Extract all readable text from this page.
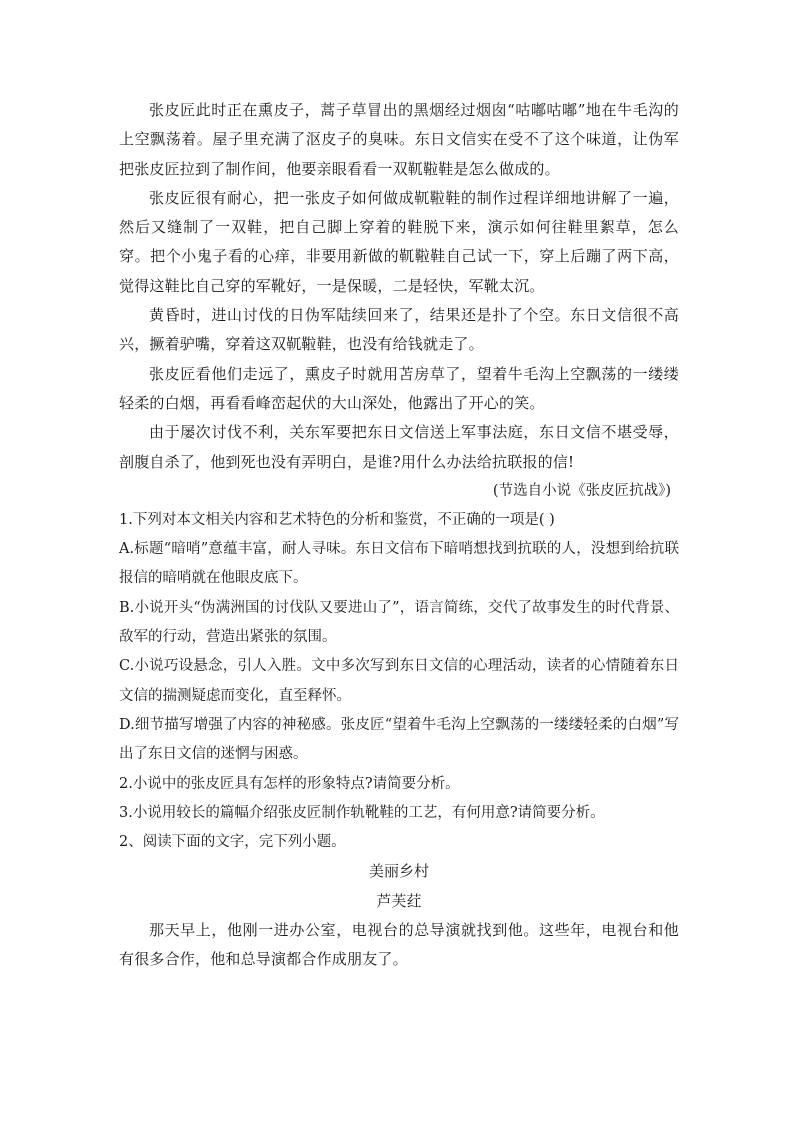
张皮匠此时正在熏皮子，蒿子草冒出的黑烟经过烟囱“咕嘟咕嘟”地在牛毛沟的上空飘荡着。屋子里充满了沤皮子的臭味。东日文信实在受不了这个味道，让伪军把张皮匠拉到了制作间，他要亲眼看看一双靰鞡鞋是怎么做成的。

张皮匠很有耐心，把一张皮子如何做成靰鞡鞋的制作过程详细地讲解了一遍，然后又缝制了一双鞋，把自己脚上穿着的鞋脱下来，演示如何往鞋里絮草，怎么穿。把个小鬼子看的心痒，非要用新做的靰鞡鞋自己试一下，穿上后蹦了两下高，觉得这鞋比自己穿的军靴好，一是保暖，二是轻快，军靴太沉。

黄昏时，进山讨伐的日伪军陆续回来了，结果还是扑了个空。东日文信很不高兴，撅着驴嘴，穿着这双靰鞡鞋，也没有给钱就走了。

张皮匠看他们走远了，熏皮子时就用苫房草了，望着牛毛沟上空飘荡的一缕缕轻柔的白烟，再看看峰峦起伏的大山深处，他露出了开心的笑。

由于屡次讨伐不利，关东军要把东日文信送上军事法庭，东日文信不堪受辱，剖腹自杀了，他到死也没有弄明白，是谁?用什么办法给抗联报的信!

(节选自小说《张皮匠抗战》)

1.下列对本文相关内容和艺术特色的分析和鉴赏，不正确的一项是( )

A.标题“暗哨”意蕴丰富，耐人寻味。东日文信布下暗哨想找到抗联的人，没想到给抗联报信的暗哨就在他眼皮底下。

B.小说开头“伪满洲国的讨伐队又要进山了”，语言简练，交代了故事发生的时代背景、敌军的行动，营造出紧张的氛围。

C.小说巧设悬念，引人入胜。文中多次写到东日文信的心理活动，读者的心情随着东日文信的揣测疑虑而变化，直至释怀。

D.细节描写增强了内容的神秘感。张皮匠“望着牛毛沟上空飘荡的一缕缕轻柔的白烟”写出了东日文信的迷惘与困惑。

2.小说中的张皮匠具有怎样的形象特点?请简要分析。

3.小说用较长的篇幅介绍张皮匠制作轨靴鞋的工艺，有何用意?请简要分析。

2、阅读下面的文字，完下列小题。

美丽乡村

芦芙荭

那天早上，他刚一进办公室，电视台的总导演就找到他。这些年，电视台和他有很多合作，他和总导演都合作成朋友了。
